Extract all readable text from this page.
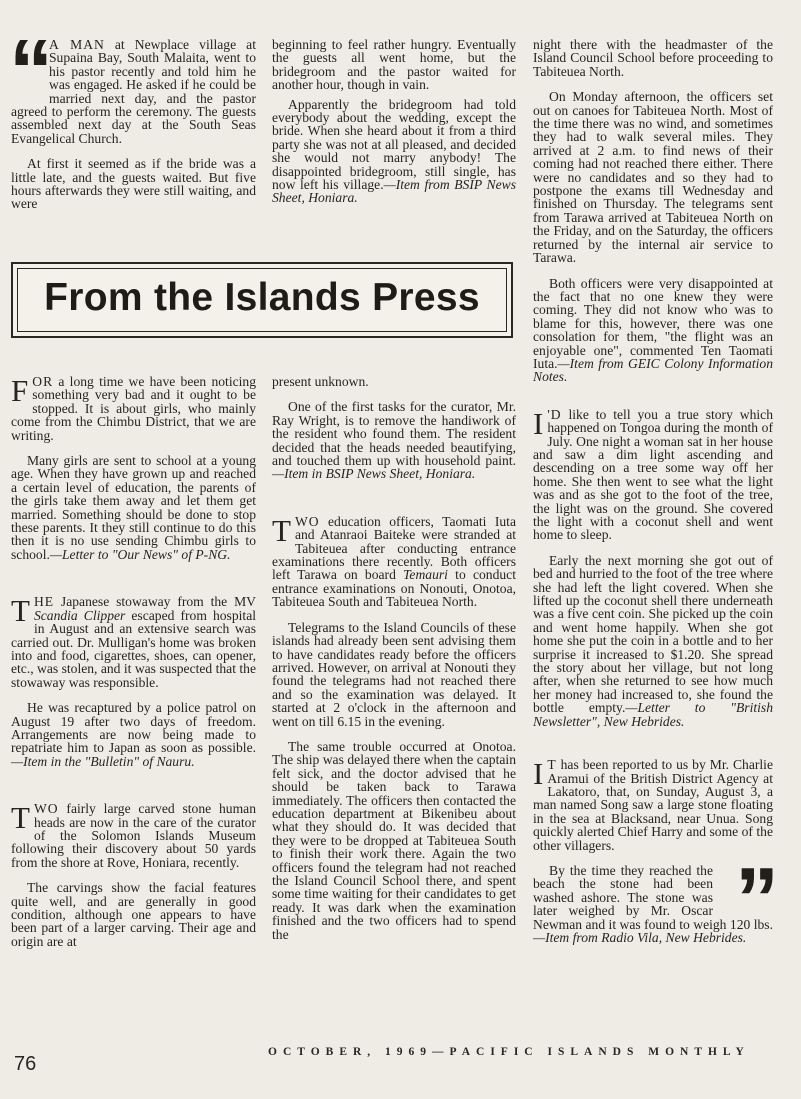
“ A MAN at Newplace village at Supaina Bay, South Malaita, went to his pastor recently and told him he was engaged. He asked if he could be married next day, and the pastor agreed to perform the ceremony. The guests assembled next day at the South Seas Evangelical Church.

At first it seemed as if the bride was a little late, and the guests waited. But five hours afterwards they were still waiting, and were

beginning to feel rather hungry. Eventually the guests all went home, but the bridegroom and the pastor waited for another hour, though in vain.

Apparently the bridegroom had told everybody about the wedding, except the bride. When she heard about it from a third party she was not at all pleased, and decided she would not marry anybody! The disappointed bridegroom, still single, has now left his village.—Item from BSIP News Sheet, Honiara.

From the Islands Press

FOR a long time we have been noticing something very bad and it ought to be stopped. It is about girls, who mainly come from the Chimbu District, that we are writing.

Many girls are sent to school at a young age. When they have grown up and reached a certain level of education, the parents of the girls take them away and let them get married. Something should be done to stop these parents. It they still continue to do this then it is no use sending Chimbu girls to school.—Letter to "Our News" of P-NG.

THE Japanese stowaway from the MV Scandia Clipper escaped from hospital in August and an extensive search was carried out. Dr. Mulligan's home was broken into and food, cigarettes, shoes, can opener, etc., was stolen, and it was suspected that the stowaway was responsible.

He was recaptured by a police patrol on August 19 after two days of freedom. Arrangements are now being made to repatriate him to Japan as soon as possible.—Item in the "Bulletin" of Nauru.

TWO fairly large carved stone human heads are now in the care of the curator of the Solomon Islands Museum following their discovery about 50 yards from the shore at Rove, Honiara, recently.

The carvings show the facial features quite well, and are generally in good condition, although one appears to have been part of a larger carving. Their age and origin are at

present unknown.

One of the first tasks for the curator, Mr. Ray Wright, is to remove the handiwork of the resident who found them. The resident decided that the heads needed beautifying, and touched them up with household paint.—Item in BSIP News Sheet, Honiara.

TWO education officers, Taomati Iuta and Atanraoi Baiteke were stranded at Tabiteuea after conducting entrance examinations there recently. Both officers left Tarawa on board Temauri to conduct entrance examinations on Nonouti, Onotoa, Tabiteuea South and Tabiteuea North.

Telegrams to the Island Councils of these islands had already been sent advising them to have candidates ready before the officers arrived. However, on arrival at Nonouti they found the telegrams had not reached there and so the examination was delayed. It started at 2 o'clock in the afternoon and went on till 6.15 in the evening.

The same trouble occurred at Onotoa. The ship was delayed there when the captain felt sick, and the doctor advised that he should be taken back to Tarawa immediately. The officers then contacted the education department at Bikenibeu about what they should do. It was decided that they were to be dropped at Tabiteuea South to finish their work there. Again the two officers found the telegram had not reached the Island Council School there, and spent some time waiting for their candidates to get ready. It was dark when the examination finished and the two officers had to spend the

night there with the headmaster of the Island Council School before proceeding to Tabiteuea North.

On Monday afternoon, the officers set out on canoes for Tabiteuea North. Most of the time there was no wind, and sometimes they had to walk several miles. They arrived at 2 a.m. to find news of their coming had not reached there either. There were no candidates and so they had to postpone the exams till Wednesday and finished on Thursday. The telegrams sent from Tarawa arrived at Tabiteuea North on the Friday, and on the Saturday, the officers returned by the internal air service to Tarawa.

Both officers were very disappointed at the fact that no one knew they were coming. They did not know who was to blame for this, however, there was one consolation for them, "the flight was an enjoyable one", commented Ten Taomati Iuta.—Item from GEIC Colony Information Notes.

I 'D like to tell you a true story which happened on Tongoa during the month of July. One night a woman sat in her house and saw a dim light ascending and descending on a tree some way off her home. She then went to see what the light was and as she got to the foot of the tree, the light was on the ground. She covered the light with a coconut shell and went home to sleep.

Early the next morning she got out of bed and hurried to the foot of the tree where she had left the light covered. When she lifted up the coconut shell there underneath was a five cent coin. She picked up the coin and went home happily. When she got home she put the coin in a bottle and to her surprise it increased to $1.20. She spread the story about her village, but not long after, when she returned to see how much her money had increased to, she found the bottle empty.—Letter to "British Newsletter", New Hebrides.

I T has been reported to us by Mr. Charlie Aramui of the British District Agency at Lakatoro, that, on Sunday, August 3, a man named Song saw a large stone floating in the sea at Blacksand, near Unua. Song quickly alerted Chief Harry and some of the other villagers.

”
By the time they reached the beach the stone had been washed ashore. The stone was later weighed by Mr. Oscar Newman and it was found to weigh 120 lbs.—Item from Radio Vila, New Hebrides.

76
OCTOBER, 1969—PACIFIC ISLANDS MONTHLY
